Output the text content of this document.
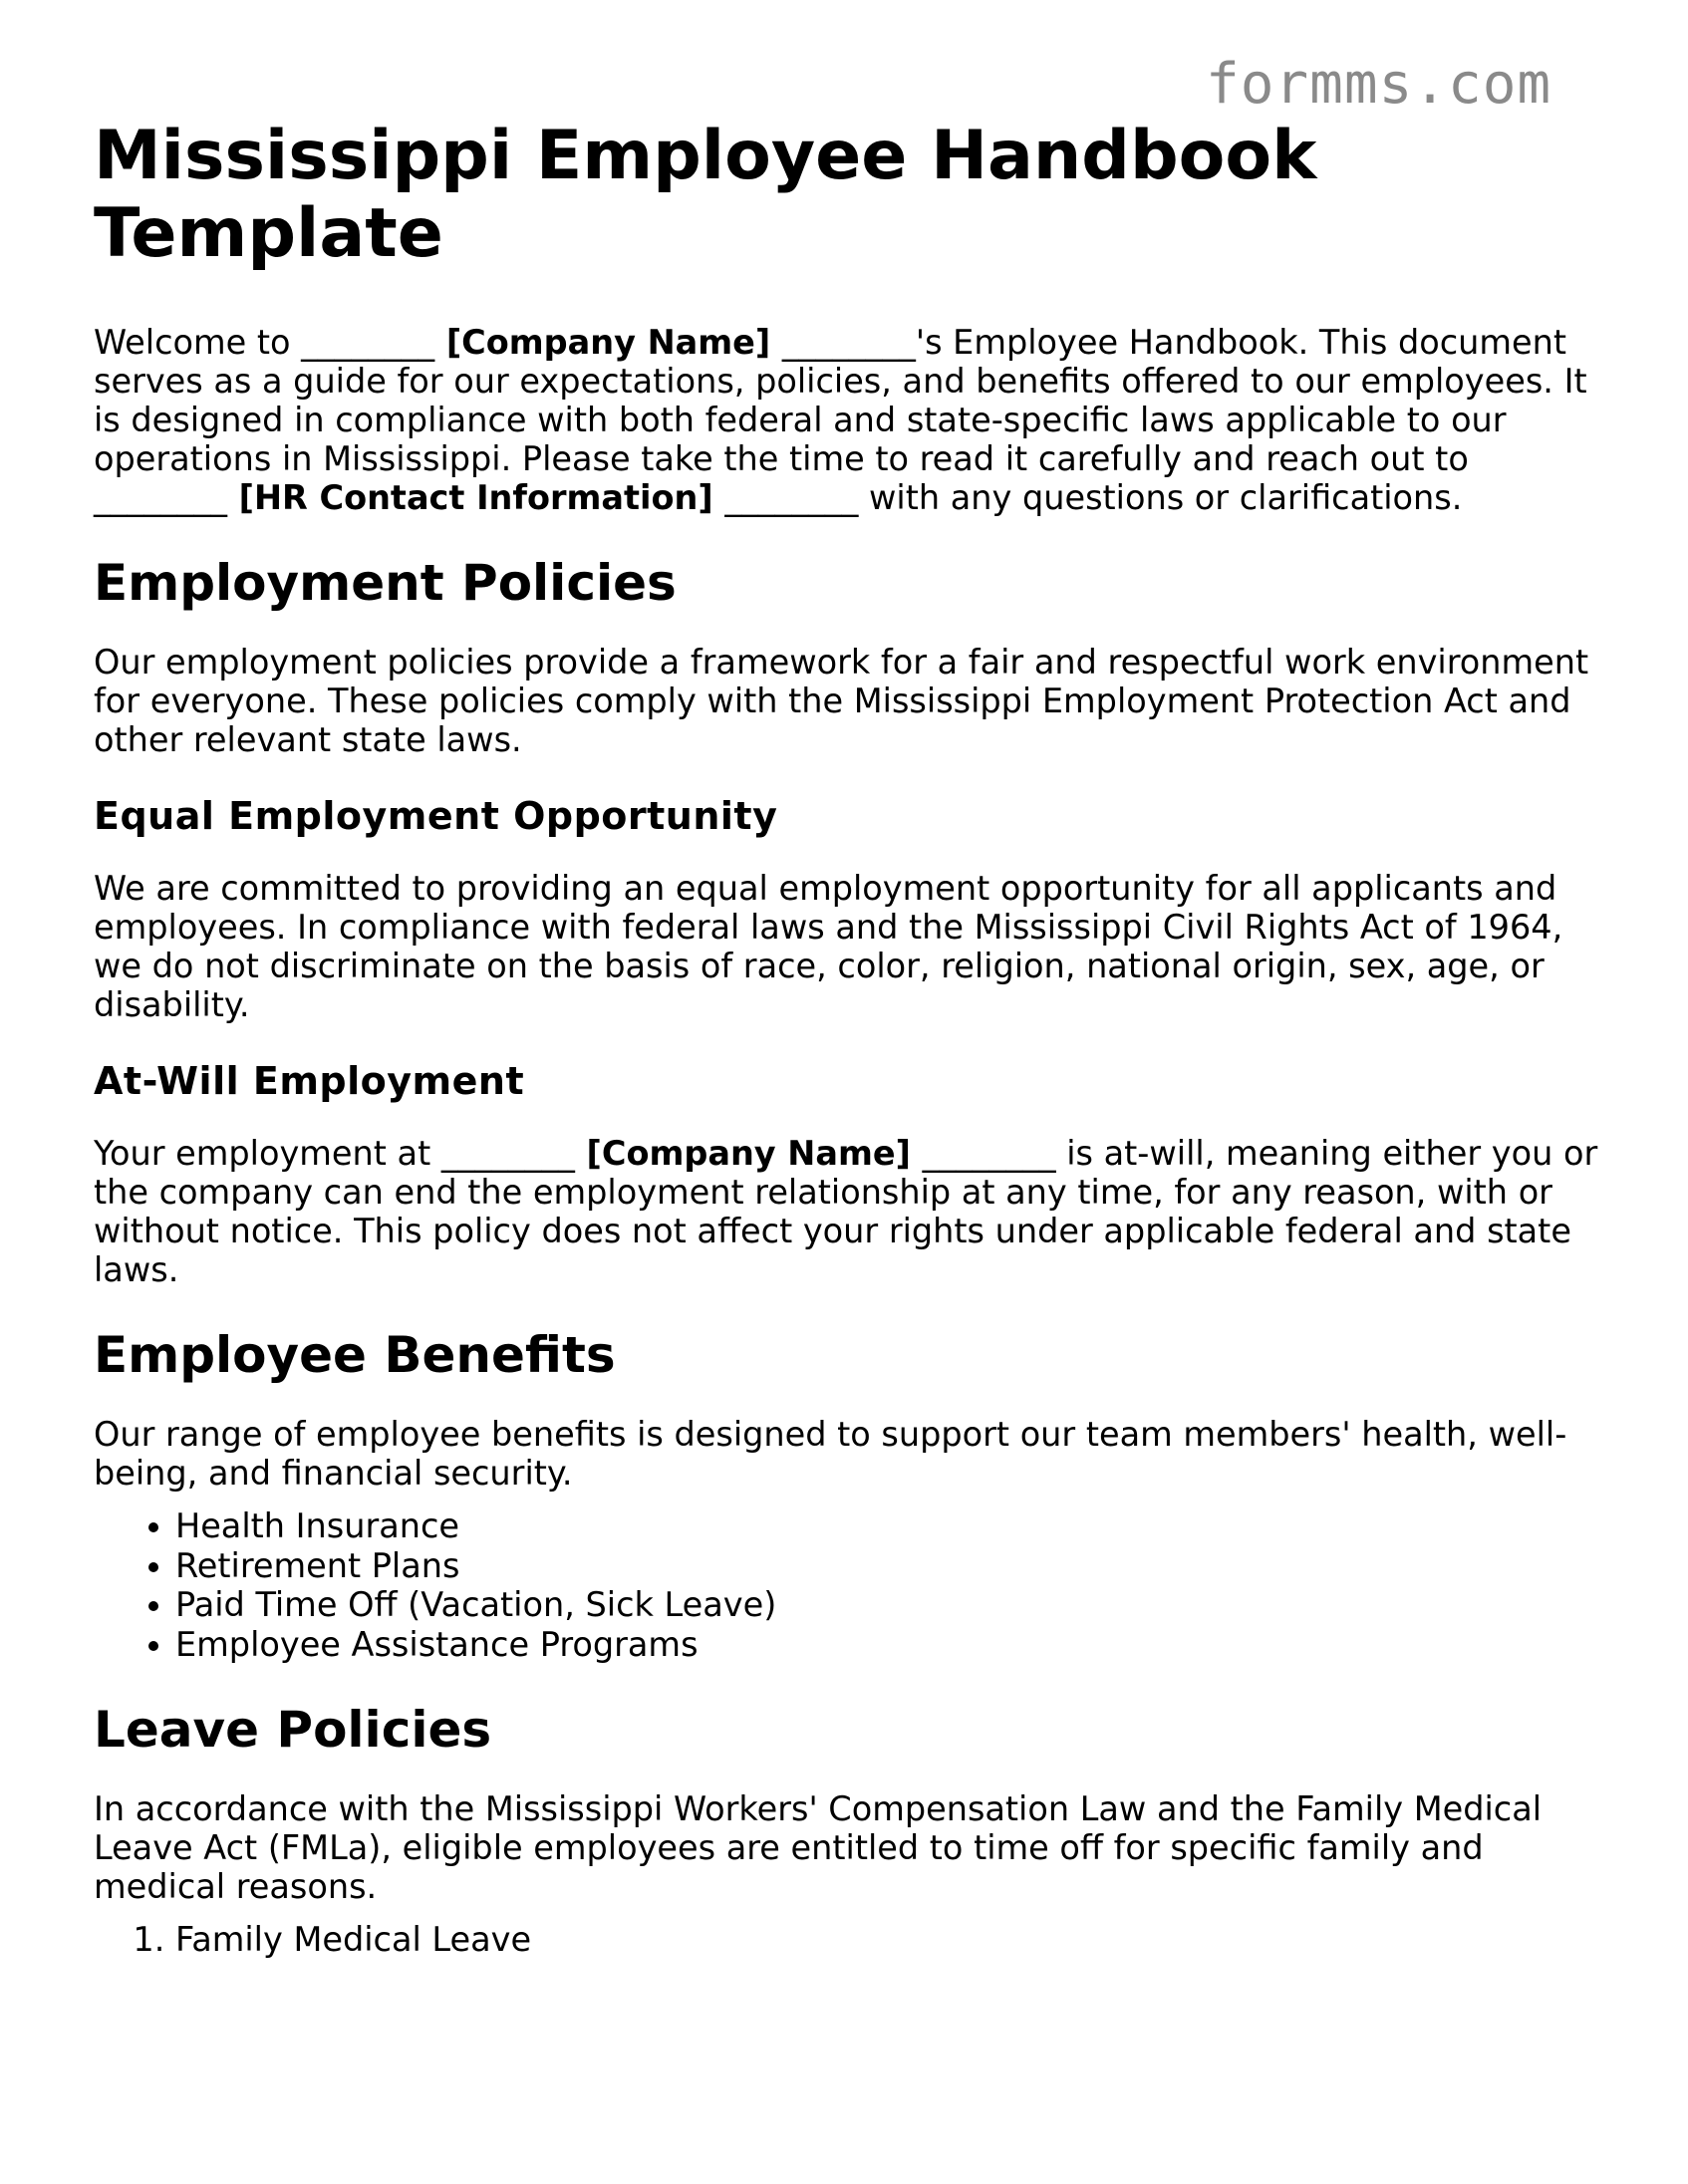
formms.com
Mississippi Employee Handbook Template

Welcome to ________ [Company Name] ________'s Employee Handbook. This document serves as a guide for our expectations, policies, and benefits offered to our employees. It is designed in compliance with both federal and state-specific laws applicable to our operations in Mississippi. Please take the time to read it carefully and reach out to ________ [HR Contact Information] ________ with any questions or clarifications.

Employment Policies

Our employment policies provide a framework for a fair and respectful work environment for everyone. These policies comply with the Mississippi Employment Protection Act and other relevant state laws.

Equal Employment Opportunity

We are committed to providing an equal employment opportunity for all applicants and employees. In compliance with federal laws and the Mississippi Civil Rights Act of 1964, we do not discriminate on the basis of race, color, religion, national origin, sex, age, or disability.

At-Will Employment

Your employment at ________ [Company Name] ________ is at-will, meaning either you or the company can end the employment relationship at any time, for any reason, with or without notice. This policy does not affect your rights under applicable federal and state laws.

Employee Benefits

Our range of employee benefits is designed to support our team members' health, well-being, and financial security.

• Health Insurance
• Retirement Plans
• Paid Time Off (Vacation, Sick Leave)
• Employee Assistance Programs
Leave Policies

In accordance with the Mississippi Workers' Compensation Law and the Family Medical Leave Act (FMLa), eligible employees are entitled to time off for specific family and medical reasons.

1. Family Medical Leave
